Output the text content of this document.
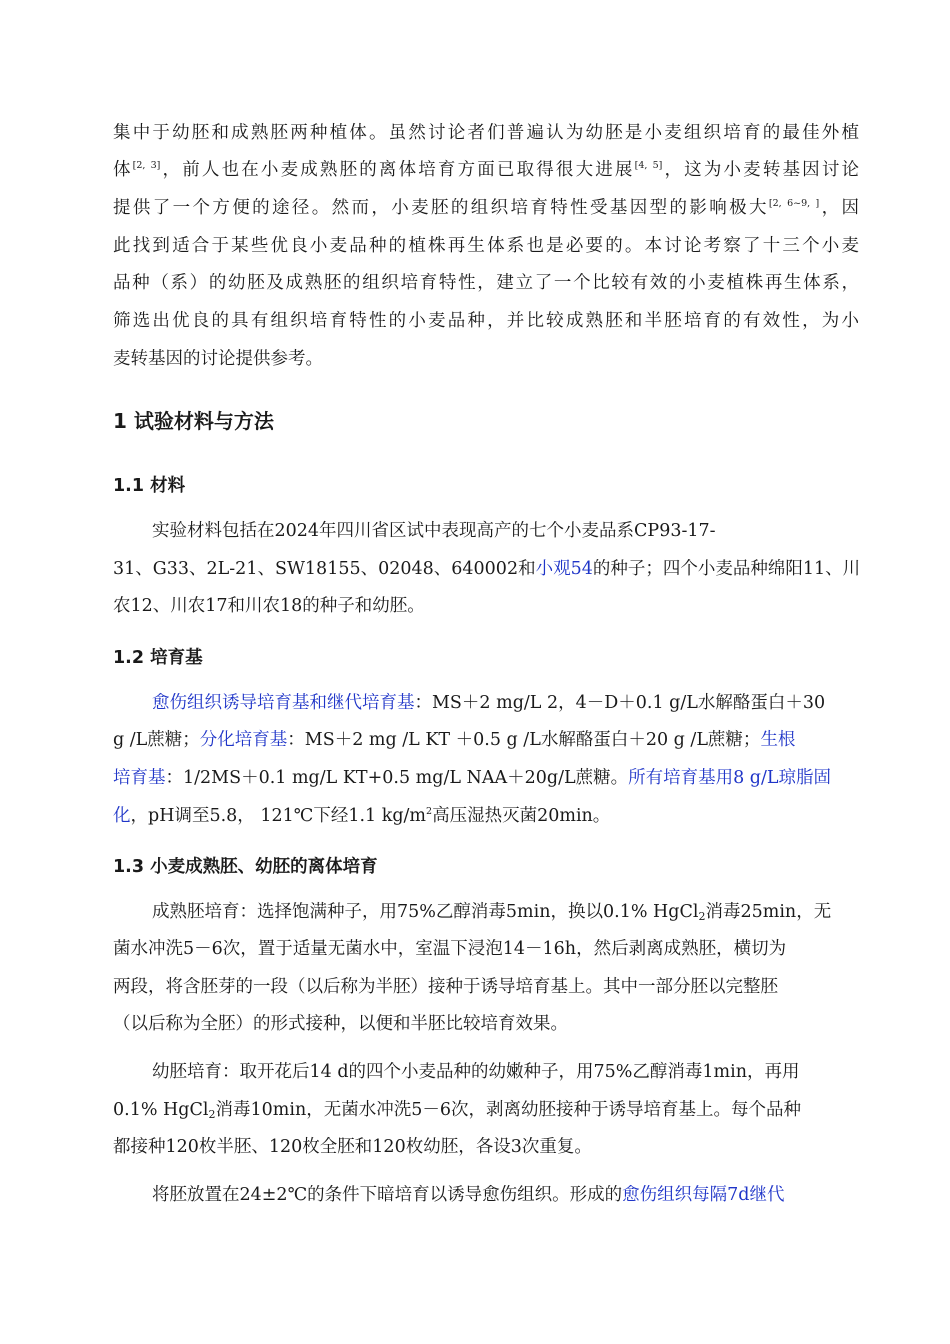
集中于幼胚和成熟胚两种植体。虽然讨论者们普遍认为幼胚是小麦组织培育的最佳外植
体[2, 3]，前人也在小麦成熟胚的离体培育方面已取得很大进展[4, 5]，这为小麦转基因讨论
提供了一个方便的途径。然而，小麦胚的组织培育特性受基因型的影响极大[2, 6~9, ]，因
此找到适合于某些优良小麦品种的植株再生体系也是必要的。本讨论考察了十三个小麦
品种（系）的幼胚及成熟胚的组织培育特性，建立了一个比较有效的小麦植株再生体系，
筛选出优良的具有组织培育特性的小麦品种，并比较成熟胚和半胚培育的有效性，为小
麦转基因的讨论提供参考。
1 试验材料与方法
1.1 材料
实验材料包括在2024年四川省区试中表现高产的七个小麦品系CP93-17-
31、G33、2L-21、SW18155、02048、640002和小观54的种子；四个小麦品种绵阳11、川
农12、川农17和川农18的种子和幼胚。
1.2 培育基
愈伤组织诱导培育基和继代培育基：MS＋2 mg/L 2，4－D＋0.1 g/L水解酪蛋白＋30
g /L蔗糖；分化培育基：MS＋2 mg /L KT ＋0.5 g /L水解酪蛋白＋20 g /L蔗糖；生根
培育基：1/2MS＋0.1 mg/L KT+0.5 mg/L NAA＋20g/L蔗糖。所有培育基用8 g/L琼脂固
化，pH调至5.8， 121℃下经1.1 $kg/m^2$高压湿热灭菌20min。
1.3 小麦成熟胚、幼胚的离体培育
成熟胚培育：选择饱满种子，用75%乙醇消毒5min，换以0.1% HgCl$_2$消毒25min，无
菌水冲洗5－6次，置于适量无菌水中，室温下浸泡14－16h，然后剥离成熟胚，横切为
两段，将含胚芽的一段（以后称为半胚）接种于诱导培育基上。其中一部分胚以完整胚
（以后称为全胚）的形式接种，以便和半胚比较培育效果。
幼胚培育：取开花后14 d的四个小麦品种的幼嫩种子，用75%乙醇消毒1min，再用
0.1% HgCl$_2$消毒10min，无菌水冲洗5－6次，剥离幼胚接种于诱导培育基上。每个品种
都接种120枚半胚、120枚全胚和120枚幼胚，各设3次重复。
将胚放置在24±2℃的条件下暗培育以诱导愈伤组织。形成的愈伤组织每隔7d继代
